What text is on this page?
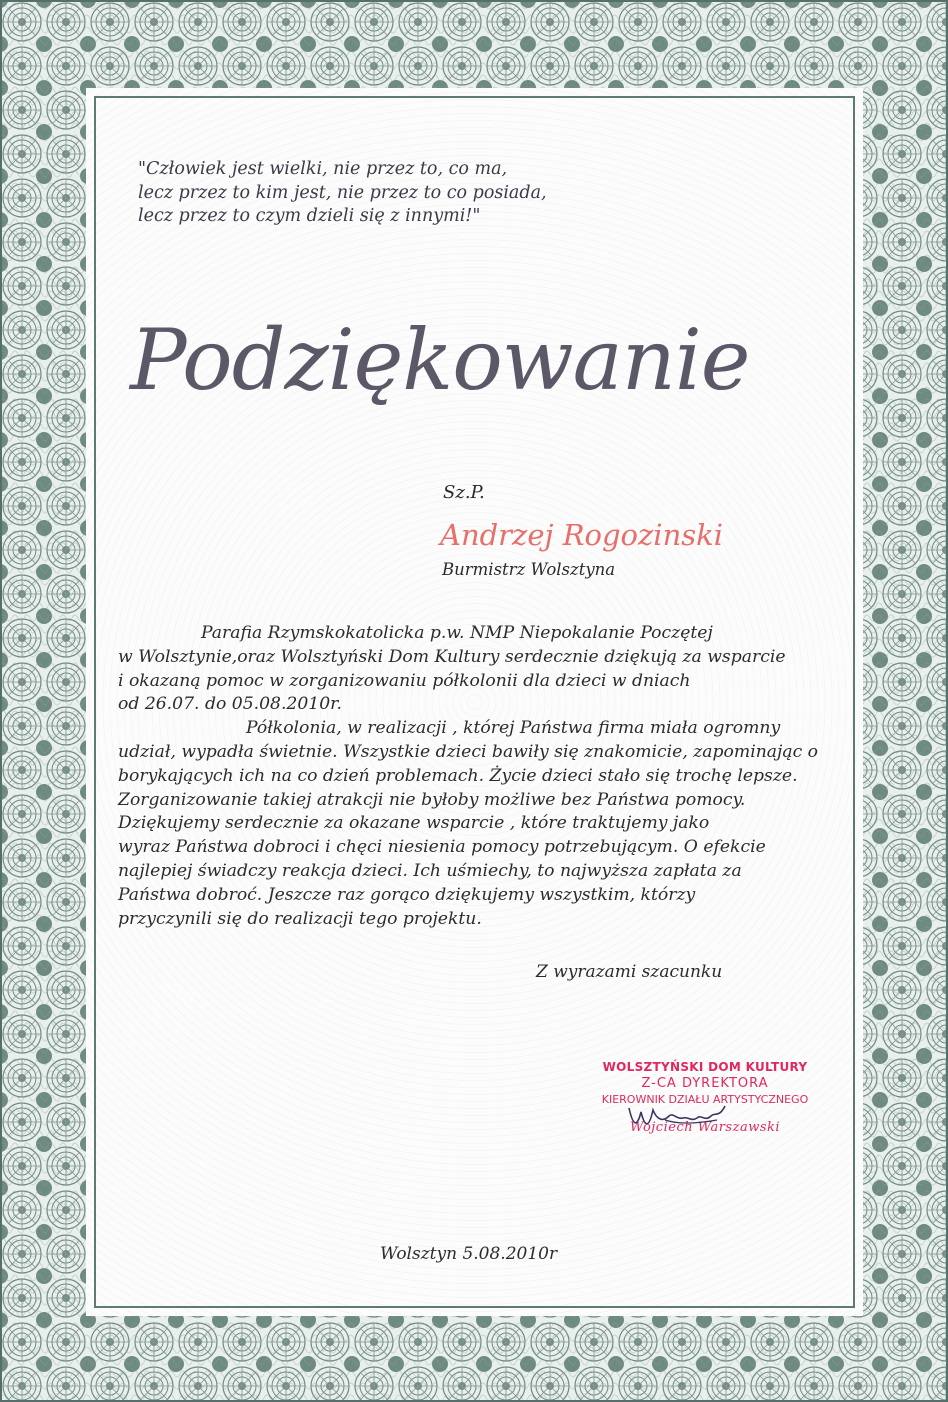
"Człowiek jest wielki, nie przez to, co ma,
lecz przez to kim jest, nie przez to co posiada,
lecz przez to czym dzieli się z innymi!"
Podziękowanie
Sz.P.
Andrzej Rogozinski
Burmistrz Wolsztyna
Parafia Rzymskokatolicka p.w. NMP Niepokalanie Poczętej
w Wolsztynie,oraz Wolsztyński Dom Kultury serdecznie dziękują za wsparcie
i okazaną pomoc w zorganizowaniu półkolonii dla dzieci w dniach
od 26.07. do 05.08.2010r.
Półkolonia, w realizacji , której Państwa firma miała ogromny
udział, wypadła świetnie. Wszystkie dzieci bawiły się znakomicie, zapominając o
borykających ich na co dzień problemach. Życie dzieci stało się trochę lepsze.
Zorganizowanie takiej atrakcji nie byłoby możliwe bez Państwa pomocy.
Dziękujemy serdecznie za okazane wsparcie , które traktujemy jako
wyraz Państwa dobroci i chęci niesienia pomocy potrzebującym. O efekcie
najlepiej świadczy reakcja dzieci. Ich uśmiechy, to najwyższa zapłata za
Państwa dobroć. Jeszcze raz gorąco dziękujemy wszystkim, którzy
przyczynili się do realizacji tego projektu.
Z wyrazami szacunku
WOLSZTYŃSKI DOM KULTURY
Z-CA DYREKTORA
KIEROWNIK DZIAŁU ARTYSTYCZNEGO
Wojciech Warszawski
Wolsztyn 5.08.2010r
